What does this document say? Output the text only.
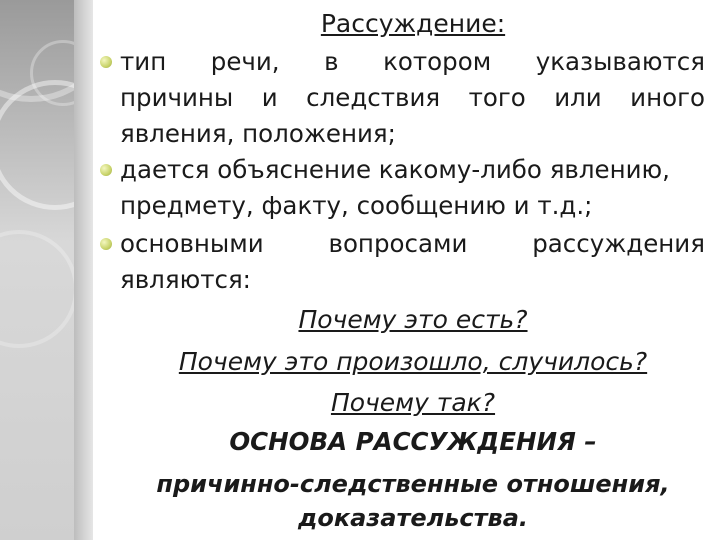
Рассуждение:
тип речи, в котором указываются
причины и следствия того или иного
явления, положения;
дается объяснение какому-либо явлению,
предмету, факту, сообщению и т.д.;
основными	вопросами	рассуждения
являются:
Почему это есть?
Почему это произошло, случилось?
Почему так?
ОСНОВА РАССУЖДЕНИЯ –
причинно-следственные отношения,
доказательства.
